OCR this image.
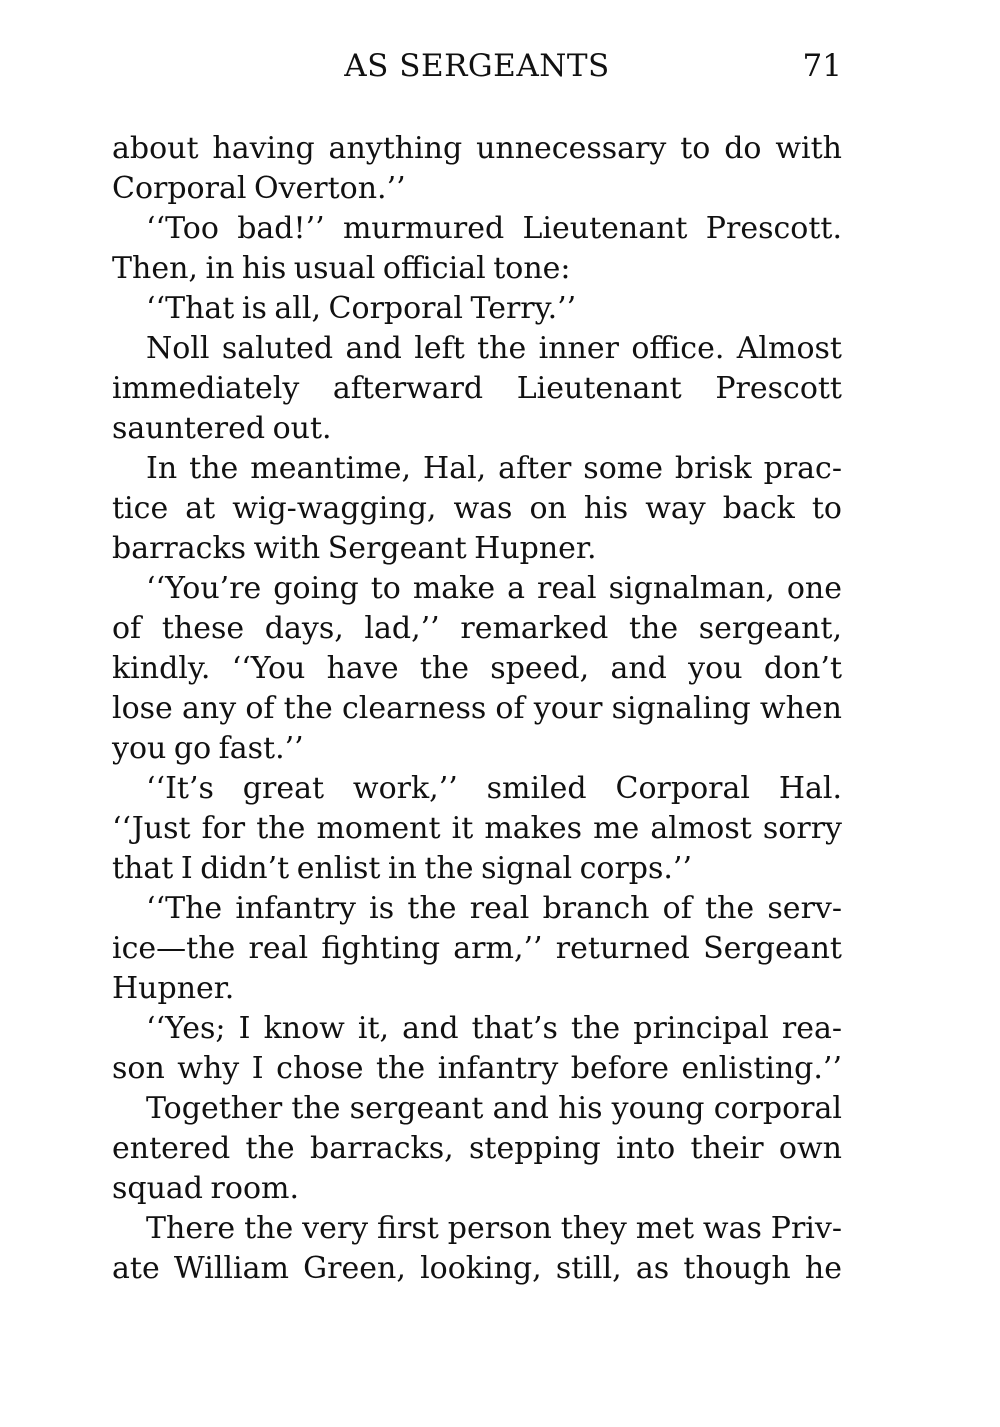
AS SERGEANTS	71
about having anything unnecessary to do with
Corporal Overton.’’
‘‘Too bad!’’ murmured Lieutenant Prescott.
Then, in his usual official tone:
‘‘That is all, Corporal Terry.’’
Noll saluted and left the inner office. Almost
immediately afterward Lieutenant Prescott
sauntered out.
In the meantime, Hal, after some brisk prac-
tice at wig-wagging, was on his way back to
barracks with Sergeant Hupner.
‘‘You’re going to make a real signalman, one
of these days, lad,’’ remarked the sergeant,
kindly. ‘‘You have the speed, and you don’t
lose any of the clearness of your signaling when
you go fast.’’
‘‘It’s great work,’’ smiled Corporal Hal.
‘‘Just for the moment it makes me almost sorry
that I didn’t enlist in the signal corps.’’
‘‘The infantry is the real branch of the serv-
ice—the real fighting arm,’’ returned Sergeant
Hupner.
‘‘Yes; I know it, and that’s the principal rea-
son why I chose the infantry before enlisting.’’
Together the sergeant and his young corporal
entered the barracks, stepping into their own
squad room.
There the very first person they met was Priv-
ate William Green, looking, still, as though he
